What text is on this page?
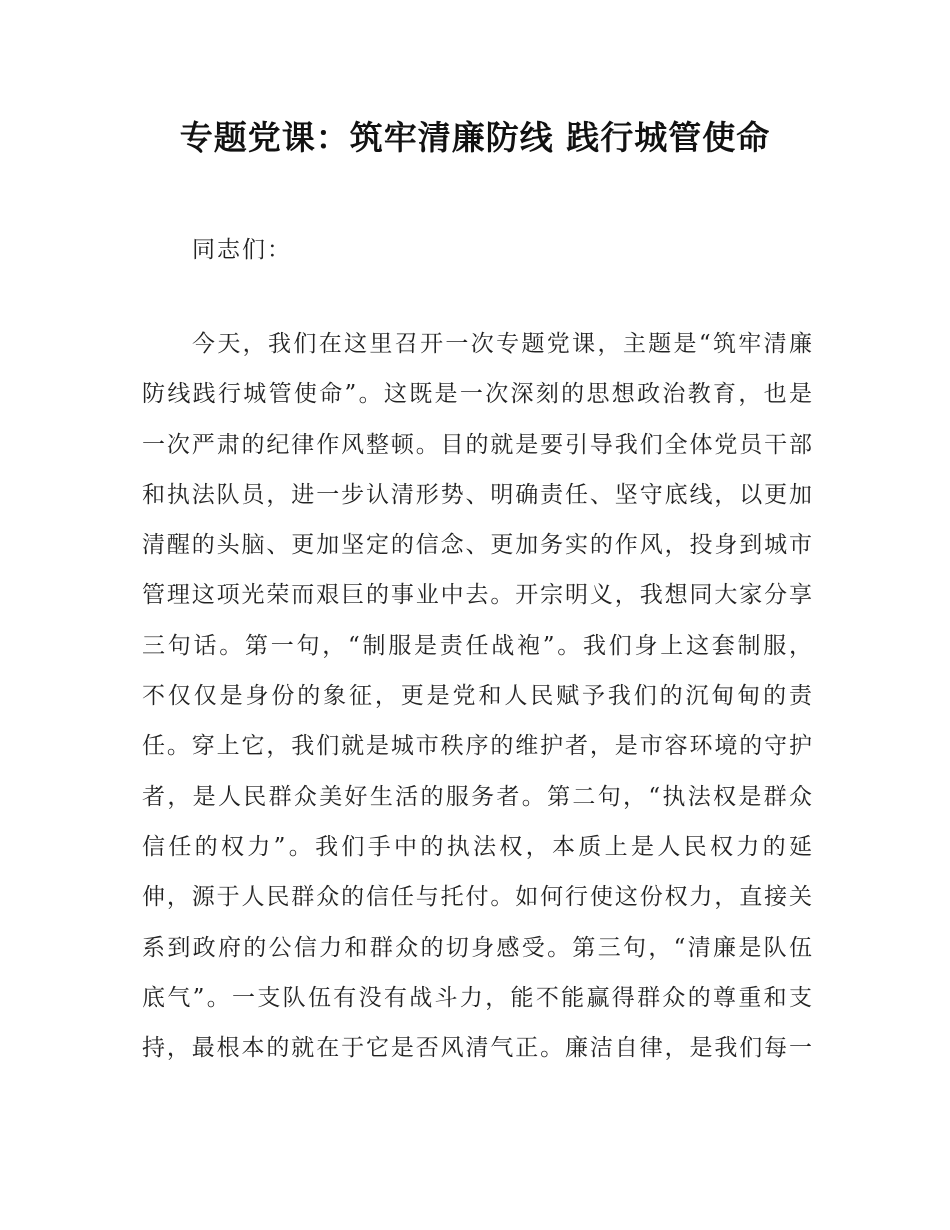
专题党课：筑牢清廉防线 践行城管使命
同志们：
今天，我们在这里召开一次专题党课，主题是“筑牢清廉
防线践行城管使命”。这既是一次深刻的思想政治教育，也是
一次严肃的纪律作风整顿。目的就是要引导我们全体党员干部
和执法队员，进一步认清形势、明确责任、坚守底线，以更加
清醒的头脑、更加坚定的信念、更加务实的作风，投身到城市
管理这项光荣而艰巨的事业中去。开宗明义，我想同大家分享
三句话。第一句，“制服是责任战袍”。我们身上这套制服，
不仅仅是身份的象征，更是党和人民赋予我们的沉甸甸的责
任。穿上它，我们就是城市秩序的维护者，是市容环境的守护
者，是人民群众美好生活的服务者。第二句，“执法权是群众
信任的权力”。我们手中的执法权，本质上是人民权力的延
伸，源于人民群众的信任与托付。如何行使这份权力，直接关
系到政府的公信力和群众的切身感受。第三句，“清廉是队伍
底气”。一支队伍有没有战斗力，能不能赢得群众的尊重和支
持，最根本的就在于它是否风清气正。廉洁自律，是我们每一
